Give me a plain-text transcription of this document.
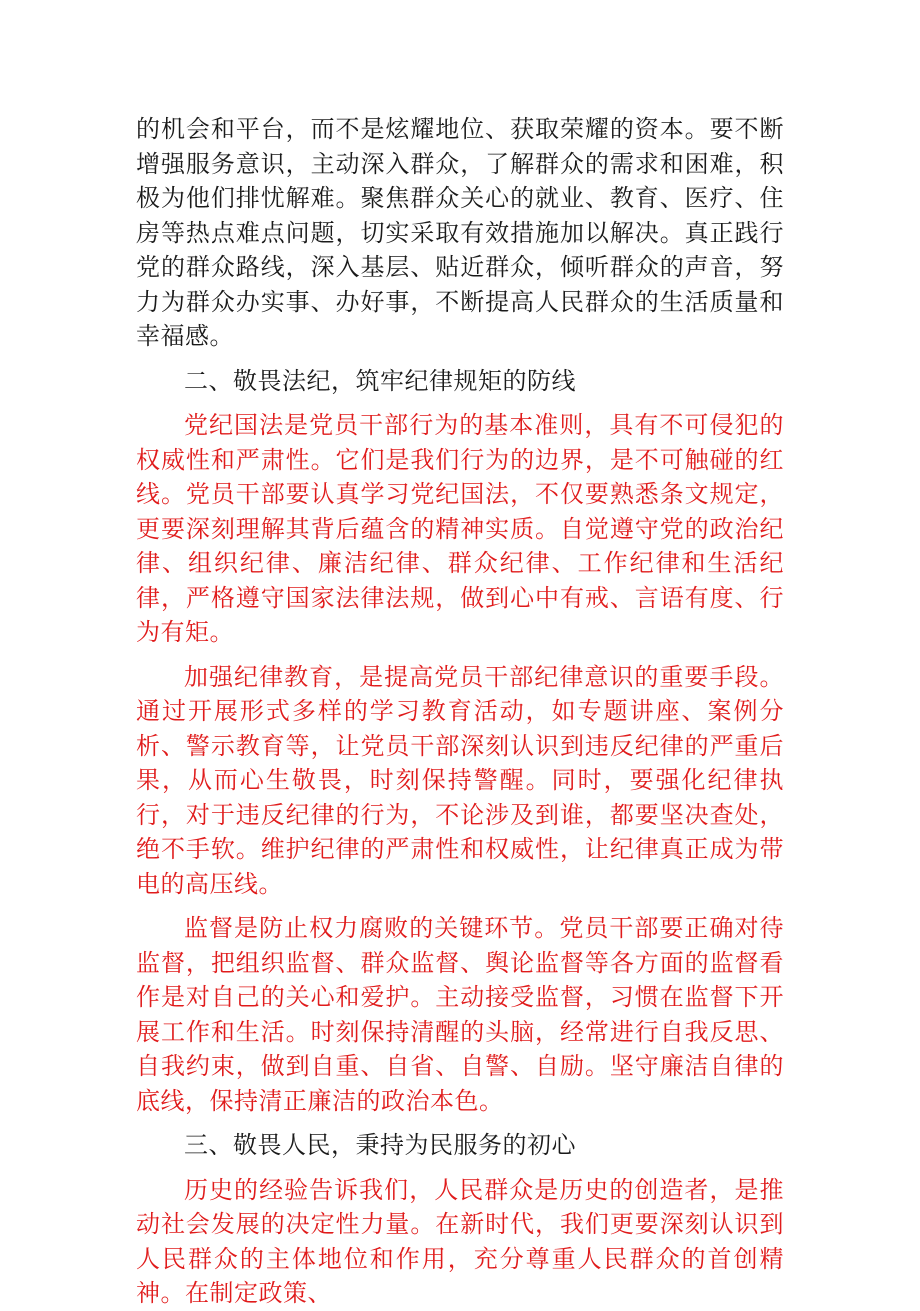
的机会和平台，而不是炫耀地位、获取荣耀的资本。要不断增强服务意识，主动深入群众，了解群众的需求和困难，积极为他们排忧解难。聚焦群众关心的就业、教育、医疗、住房等热点难点问题，切实采取有效措施加以解决。真正践行党的群众路线，深入基层、贴近群众，倾听群众的声音，努力为群众办实事、办好事，不断提高人民群众的生活质量和幸福感。

二、敬畏法纪，筑牢纪律规矩的防线

党纪国法是党员干部行为的基本准则，具有不可侵犯的权威性和严肃性。它们是我们行为的边界，是不可触碰的红线。党员干部要认真学习党纪国法，不仅要熟悉条文规定，更要深刻理解其背后蕴含的精神实质。自觉遵守党的政治纪律、组织纪律、廉洁纪律、群众纪律、工作纪律和生活纪律，严格遵守国家法律法规，做到心中有戒、言语有度、行为有矩。

加强纪律教育，是提高党员干部纪律意识的重要手段。通过开展形式多样的学习教育活动，如专题讲座、案例分析、警示教育等，让党员干部深刻认识到违反纪律的严重后果，从而心生敬畏，时刻保持警醒。同时，要强化纪律执行，对于违反纪律的行为，不论涉及到谁，都要坚决查处，绝不手软。维护纪律的严肃性和权威性，让纪律真正成为带电的高压线。

监督是防止权力腐败的关键环节。党员干部要正确对待监督，把组织监督、群众监督、舆论监督等各方面的监督看作是对自己的关心和爱护。主动接受监督，习惯在监督下开展工作和生活。时刻保持清醒的头脑，经常进行自我反思、自我约束，做到自重、自省、自警、自励。坚守廉洁自律的底线，保持清正廉洁的政治本色。

三、敬畏人民，秉持为民服务的初心

历史的经验告诉我们，人民群众是历史的创造者，是推动社会发展的决定性力量。在新时代，我们更要深刻认识到人民群众的主体地位和作用，充分尊重人民群众的首创精神。在制定政策、
